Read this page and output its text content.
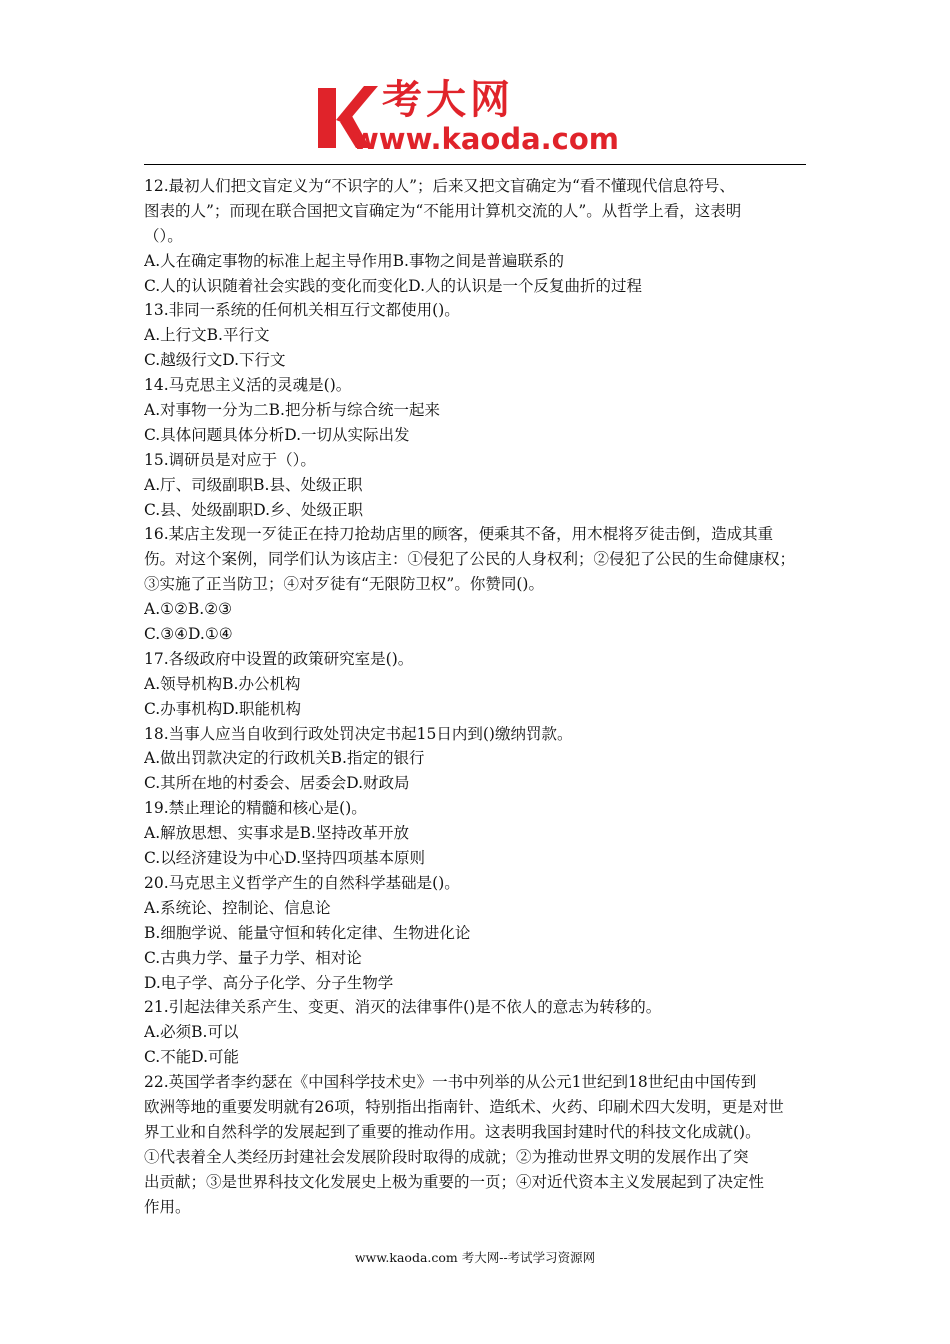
考大网
www.kaoda.com
12.最初人们把文盲定义为“不识字的人”；后来又把文盲确定为“看不懂现代信息符号、
图表的人”；而现在联合国把文盲确定为“不能用计算机交流的人”。从哲学上看，这表明
（）。
A.人在确定事物的标准上起主导作用B.事物之间是普遍联系的
C.人的认识随着社会实践的变化而变化D.人的认识是一个反复曲折的过程
13.非同一系统的任何机关相互行文都使用()。
A.上行文B.平行文
C.越级行文D.下行文
14.马克思主义活的灵魂是()。
A.对事物一分为二B.把分析与综合统一起来
C.具体问题具体分析D.一切从实际出发
15.调研员是对应于（）。
A.厅、司级副职B.县、处级正职
C.县、处级副职D.乡、处级正职
16.某店主发现一歹徒正在持刀抢劫店里的顾客，便乘其不备，用木棍将歹徒击倒，造成其重
伤。对这个案例，同学们认为该店主：①侵犯了公民的人身权利；②侵犯了公民的生命健康权；
③实施了正当防卫；④对歹徒有“无限防卫权”。你赞同()。
A.①②B.②③
C.③④D.①④
17.各级政府中设置的政策研究室是()。
A.领导机构B.办公机构
C.办事机构D.职能机构
18.当事人应当自收到行政处罚决定书起15日内到()缴纳罚款。
A.做出罚款决定的行政机关B.指定的银行
C.其所在地的村委会、居委会D.财政局
19.禁止理论的精髓和核心是()。
A.解放思想、实事求是B.坚持改革开放
C.以经济建设为中心D.坚持四项基本原则
20.马克思主义哲学产生的自然科学基础是()。
A.系统论、控制论、信息论
B.细胞学说、能量守恒和转化定律、生物进化论
C.古典力学、量子力学、相对论
D.电子学、高分子化学、分子生物学
21.引起法律关系产生、变更、消灭的法律事件()是不依人的意志为转移的。
A.必须B.可以
C.不能D.可能
22.英国学者李约瑟在《中国科学技术史》一书中列举的从公元1世纪到18世纪由中国传到
欧洲等地的重要发明就有26项，特别指出指南针、造纸术、火药、印刷术四大发明，更是对世
界工业和自然科学的发展起到了重要的推动作用。这表明我国封建时代的科技文化成就()。
①代表着全人类经历封建社会发展阶段时取得的成就；②为推动世界文明的发展作出了突
出贡献；③是世界科技文化发展史上极为重要的一页；④对近代资本主义发展起到了决定性
作用。
www.kaoda.com 考大网--考试学习资源网
